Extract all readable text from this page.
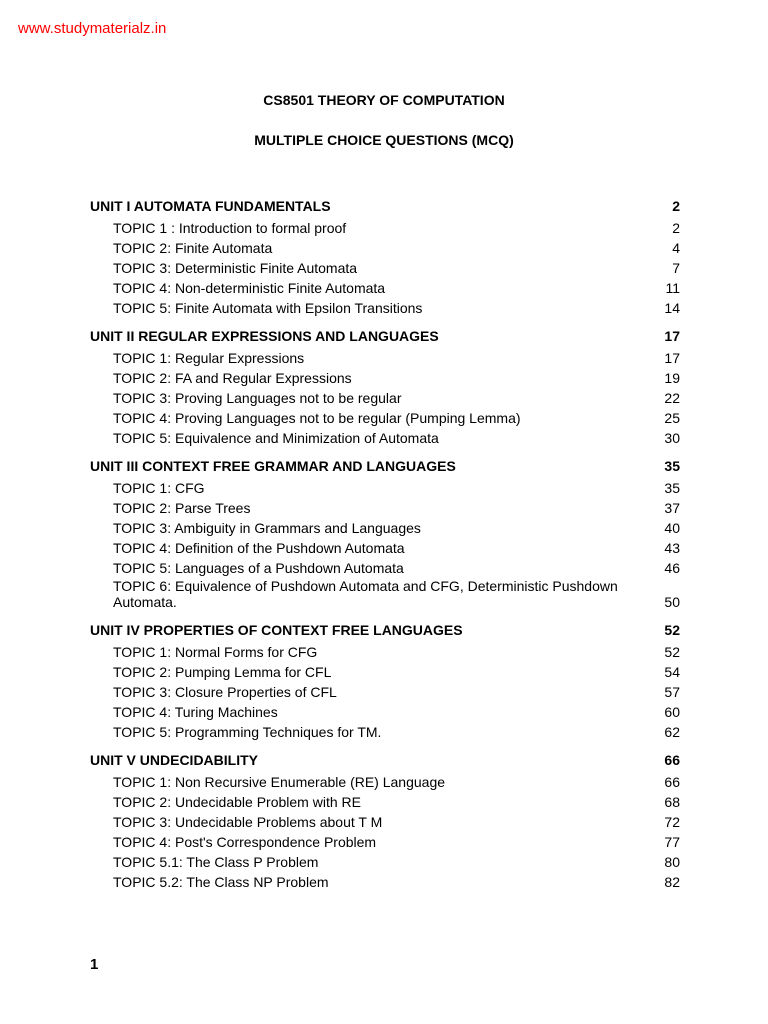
www.studymaterialz.in
CS8501 THEORY OF COMPUTATION
MULTIPLE CHOICE QUESTIONS (MCQ)
UNIT I AUTOMATA FUNDAMENTALS	2
TOPIC 1 : Introduction to formal proof	2
TOPIC 2: Finite Automata	4
TOPIC 3: Deterministic Finite Automata	7
TOPIC 4: Non-deterministic Finite Automata	11
TOPIC 5: Finite Automata with Epsilon Transitions	14
UNIT II REGULAR EXPRESSIONS AND LANGUAGES	17
TOPIC 1: Regular Expressions	17
TOPIC 2: FA and Regular Expressions	19
TOPIC 3: Proving Languages not to be regular	22
TOPIC 4: Proving Languages not to be regular (Pumping Lemma)	25
TOPIC 5: Equivalence and Minimization of Automata	30
UNIT III CONTEXT FREE GRAMMAR AND LANGUAGES	35
TOPIC 1: CFG	35
TOPIC 2: Parse Trees	37
TOPIC 3: Ambiguity in Grammars and Languages	40
TOPIC 4: Definition of the Pushdown Automata	43
TOPIC 5: Languages of a Pushdown Automata	46
TOPIC 6: Equivalence of Pushdown Automata and CFG, Deterministic Pushdown Automata.	50
UNIT IV PROPERTIES OF CONTEXT FREE LANGUAGES	52
TOPIC 1: Normal Forms for CFG	52
TOPIC 2: Pumping Lemma for CFL	54
TOPIC 3: Closure Properties of CFL	57
TOPIC 4: Turing Machines	60
TOPIC 5: Programming Techniques for TM.	62
UNIT V UNDECIDABILITY	66
TOPIC 1: Non Recursive Enumerable (RE) Language	66
TOPIC 2: Undecidable Problem with RE	68
TOPIC 3: Undecidable Problems about T M	72
TOPIC 4: Post's Correspondence Problem	77
TOPIC 5.1: The Class P Problem	80
TOPIC 5.2: The Class NP Problem	82
1
